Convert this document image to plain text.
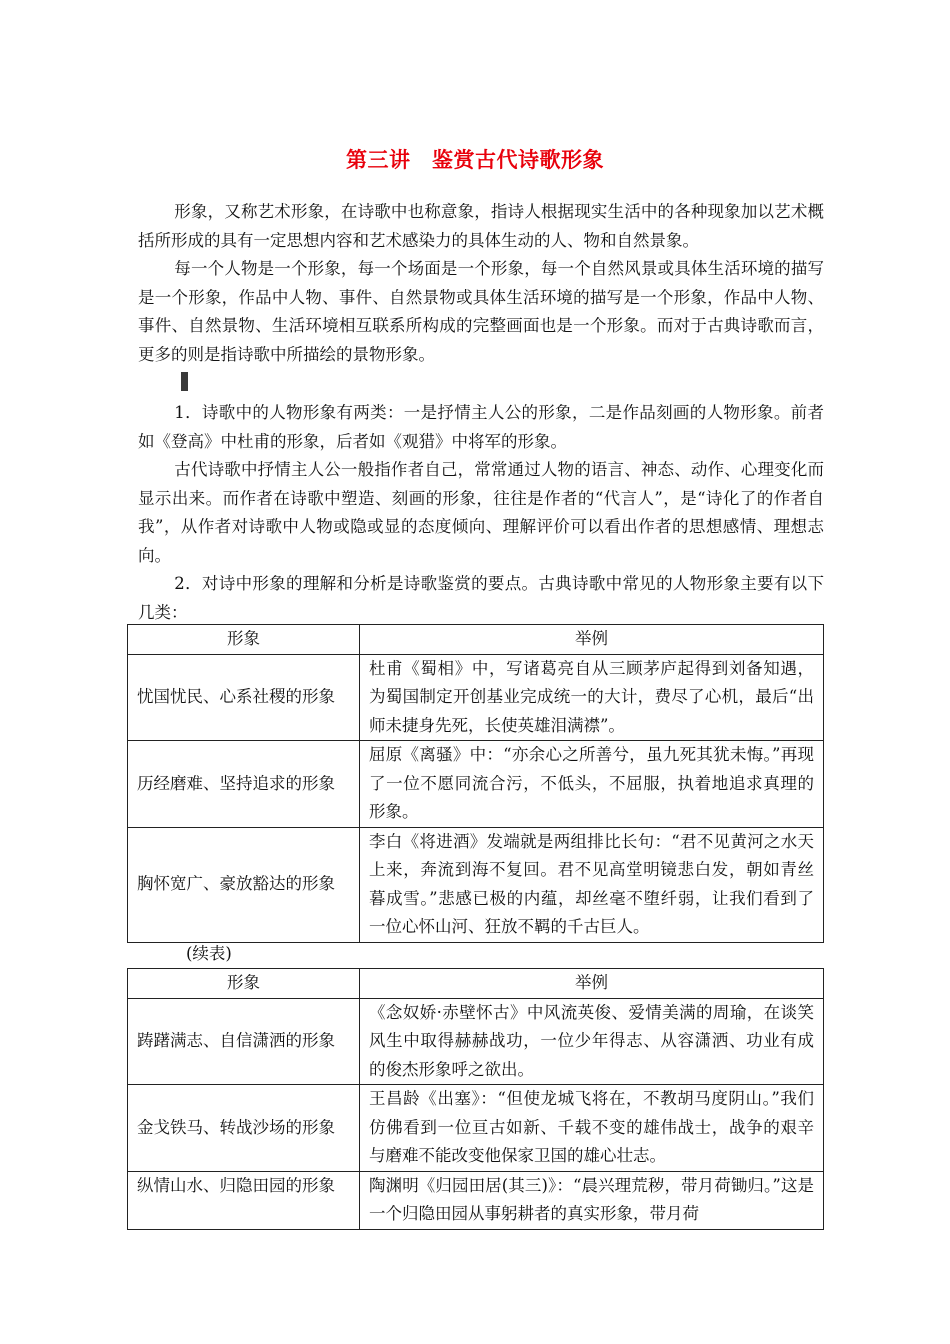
第三讲　鉴赏古代诗歌形象

形象，又称艺术形象，在诗歌中也称意象，指诗人根据现实生活中的各种现象加以艺术概括所形成的具有一定思想内容和艺术感染力的具体生动的人、物和自然景象。

每一个人物是一个形象，每一个场面是一个形象，每一个自然风景或具体生活环境的描写是一个形象，作品中人物、事件、自然景物或具体生活环境的描写是一个形象，作品中人物、事件、自然景物、生活环境相互联系所构成的完整画面也是一个形象。而对于古典诗歌而言，更多的则是指诗歌中所描绘的景物形象。

1．诗歌中的人物形象有两类：一是抒情主人公的形象，二是作品刻画的人物形象。前者如《登高》中杜甫的形象，后者如《观猎》中将军的形象。

古代诗歌中抒情主人公一般指作者自己，常常通过人物的语言、神态、动作、心理变化而显示出来。而作者在诗歌中塑造、刻画的形象，往往是作者的“代言人”，是“诗化了的作者自我”，从作者对诗歌中人物或隐或显的态度倾向、理解评价可以看出作者的思想感情、理想志向。

2．对诗中形象的理解和分析是诗歌鉴赏的要点。古典诗歌中常见的人物形象主要有以下几类：

形象	举例
忧国忧民、心系社稷的形象	杜甫《蜀相》中，写诸葛亮自从三顾茅庐起得到刘备知遇，为蜀国制定开创基业完成统一的大计，费尽了心机，最后“出师未捷身先死，长使英雄泪满襟”。
历经磨难、坚持追求的形象	屈原《离骚》中：“亦余心之所善兮，虽九死其犹未悔。”再现了一位不愿同流合污，不低头，不屈服，执着地追求真理的形象。
胸怀宽广、豪放豁达的形象	李白《将进酒》发端就是两组排比长句：“君不见黄河之水天上来，奔流到海不复回。君不见高堂明镜悲白发，朝如青丝暮成雪。”悲感已极的内蕴，却丝毫不堕纤弱，让我们看到了一位心怀山河、狂放不羁的千古巨人。
(续表)
形象	举例
踌躇满志、自信潇洒的形象	《念奴娇·赤壁怀古》中风流英俊、爱情美满的周瑜，在谈笑风生中取得赫赫战功，一位少年得志、从容潇洒、功业有成的俊杰形象呼之欲出。
金戈铁马、转战沙场的形象	王昌龄《出塞》：“但使龙城飞将在，不教胡马度阴山。”我们仿佛看到一位亘古如新、千载不变的雄伟战士，战争的艰辛与磨难不能改变他保家卫国的雄心壮志。
纵情山水、归隐田园的形象	陶渊明《归园田居(其三)》：“晨兴理荒秽，带月荷锄归。”这是一个归隐田园从事躬耕者的真实形象，带月荷
